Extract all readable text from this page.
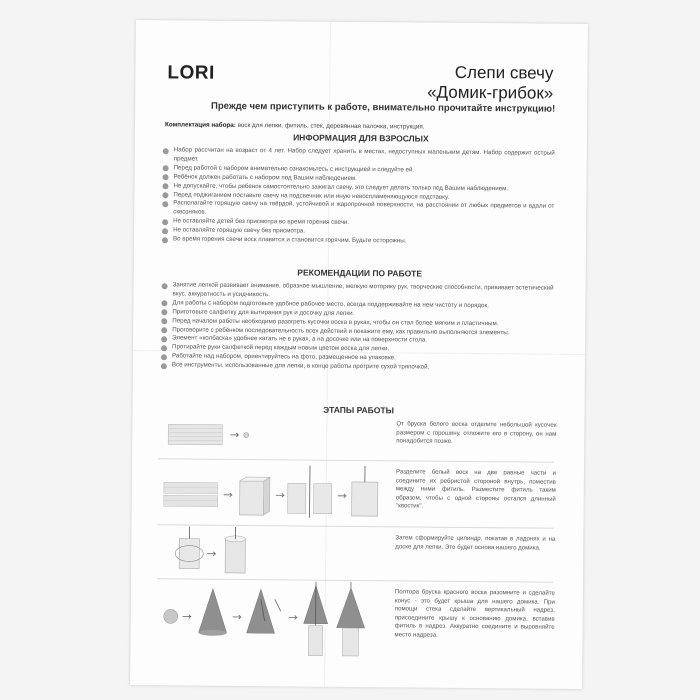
LORI	Слепи свечу
«Домик-грибок»
Прежде чем приступить к работе, внимательно прочитайте инструкцию!
Комплектация набора: воск для лепки, фитиль, стек, деревянная палочка, инструкция.
ИНФОРМАЦИЯ ДЛЯ ВЗРОСЛЫХ
Набор рассчитан на возраст от 4 лет. Набор следует хранить в местах, недоступных маленьким детям. Набор содержит острый предмет.
Перед работой с набором внимательно ознакомьтесь с инструкцией и следуйте ей.
Ребёнок должен работать с набором под Вашим наблюдением.
Не допускайте, чтобы ребенок самостоятельно зажигал свечу, это следует делать только под Вашим наблюдением.
Перед поджиганием поставьте свечу на подсвечник или иную невоспламеняющуюся подставку.
Располагайте горящую свечу на твёрдой, устойчивой и жаропрочной поверхности, на расстоянии от любых предметов и вдали от сквозняков.
Не оставляйте детей без присмотра во время горения свечи.
Не оставляйте горящую свечу без присмотра.
Во время горения свечи воск плавится и становится горячим. Будьте осторожны.
РЕКОМЕНДАЦИИ ПО РАБОТЕ
Занятие лепкой развивает внимание, образное мышление, мелкую моторику рук, творческие способности, прививает эстетический вкус, аккуратность и усидчивость.
Для работы с набором подготовьте удобное рабочее место, всегда поддерживайте на нем чистоту и порядок.
Приготовьте салфетку для вытирания рук и досочку для лепки.
Перед началом работы необходимо разогреть кусочки воска в руках, чтобы он стал более мягким и пластичным.
Проговорите с ребёнком последовательность всех действий и покажите ему, как правильно выполняются элементы.
Элемент «колбаска» удобнее катать не в руках, а на досочке или на поверхности стола.
Протирайте руки салфеткой перед каждым новым цветом воска для лепки.
Работайте над набором, ориентируйтесь на фото, размещенное на упаковке.
Все инструменты, использованные для лепки, в конце работы протрите сухой тряпочкой.
ЭТАПЫ РАБОТЫ
От бруска белого воска отделите небольшой кусочек размером с горошину, отложите его в сторону, он нам понадобится позже.
Разделите белый воск на две равные части и соедините их ребристой стороной внутрь, поместив между ними фитиль. Разместите фитиль таким образом, чтобы с одной стороны остался длинный "хвостик".
Затем сформируйте цилиндр, покатав в ладонях и на доске для лепки. Это будет основа нашего домика.
Полтора бруска красного воска разомните и сделайте конус - это будет крыша для нашего домика. При помощи стека сделайте вертикальный надрез, присоедините крышу к основанию домика, вставив фитиль в надрез. Аккуратно соедините и выровняйте место надреза.
